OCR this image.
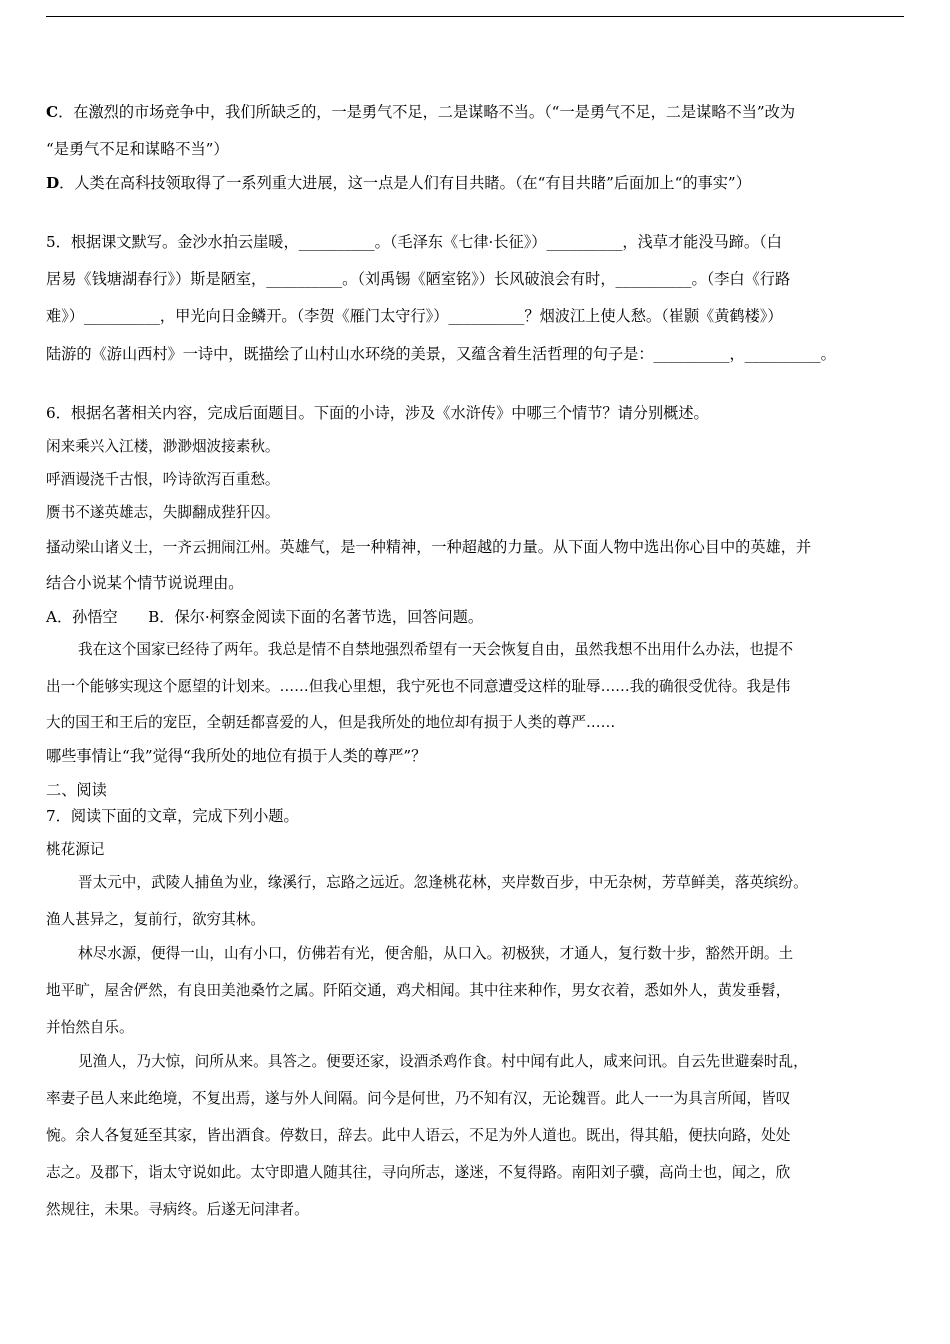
C．在激烈的市场竞争中，我们所缺乏的，一是勇气不足，二是谋略不当。（“一是勇气不足，二是谋略不当”改为
“是勇气不足和谋略不当”）
D．人类在高科技领取得了一系列重大进展，这一点是人们有目共睹。（在“有目共睹”后面加上“的事实”）
5．根据课文默写。金沙水拍云崖暖，__________。（毛泽东《七律·长征》）__________，浅草才能没马蹄。（白
居易《钱塘湖春行》）斯是陋室，__________。（刘禹锡《陋室铭》）长风破浪会有时，__________。（李白《行路
难》）__________，甲光向日金鳞开。（李贺《雁门太守行》）__________？烟波江上使人愁。（崔颢《黄鹤楼》）
陆游的《游山西村》一诗中，既描绘了山村山水环绕的美景，又蕴含着生活哲理的句子是：__________，__________。
6．根据名著相关内容，完成后面题目。下面的小诗，涉及《水浒传》中哪三个情节？请分别概述。
闲来乘兴入江楼，渺渺烟波接素秋。
呼酒谩浇千古恨，吟诗欲泻百重愁。
赝书不遂英雄志，失脚翻成狴犴囚。
搔动梁山诸义士，一齐云拥闹江州。英雄气，是一种精神，一种超越的力量。从下面人物中选出你心目中的英雄，并
结合小说某个情节说说理由。
A．孙悟空　　B．保尔·柯察金阅读下面的名著节选，回答问题。
我在这个国家已经待了两年。我总是情不自禁地强烈希望有一天会恢复自由，虽然我想不出用什么办法，也提不
出一个能够实现这个愿望的计划来。……但我心里想，我宁死也不同意遭受这样的耻辱……我的确很受优待。我是伟
大的国王和王后的宠臣，全朝廷都喜爱的人，但是我所处的地位却有损于人类的尊严……
哪些事情让“我”觉得“我所处的地位有损于人类的尊严”？
二、阅读
7．阅读下面的文章，完成下列小题。
桃花源记
晋太元中，武陵人捕鱼为业，缘溪行，忘路之远近。忽逢桃花林，夹岸数百步，中无杂树，芳草鲜美，落英缤纷。
渔人甚异之，复前行，欲穷其林。
林尽水源，便得一山，山有小口，仿佛若有光，便舍船，从口入。初极狭，才通人，复行数十步，豁然开朗。土
地平旷，屋舍俨然，有良田美池桑竹之属。阡陌交通，鸡犬相闻。其中往来种作，男女衣着，悉如外人，黄发垂髫，
并怡然自乐。
见渔人，乃大惊，问所从来。具答之。便要还家，设酒杀鸡作食。村中闻有此人，咸来问讯。自云先世避秦时乱，
率妻子邑人来此绝境，不复出焉，遂与外人间隔。问今是何世，乃不知有汉，无论魏晋。此人一一为具言所闻，皆叹
惋。余人各复延至其家，皆出酒食。停数日，辞去。此中人语云，不足为外人道也。既出，得其船，便扶向路，处处
志之。及郡下，诣太守说如此。太守即遣人随其往，寻向所志，遂迷，不复得路。南阳刘子骥，高尚士也，闻之，欣
然规往，未果。寻病终。后遂无问津者。
